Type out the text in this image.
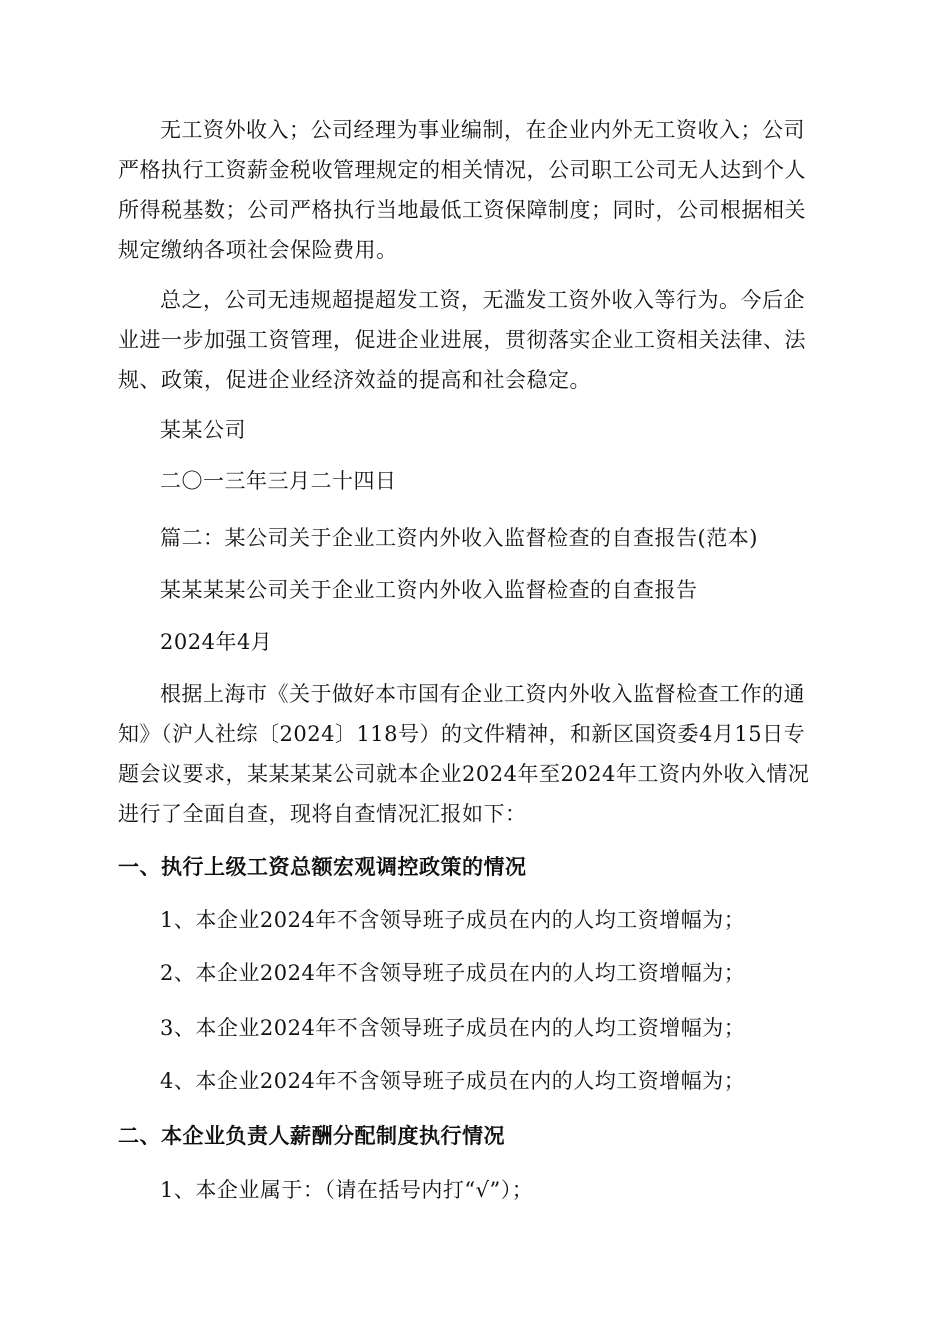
无工资外收入；公司经理为事业编制，在企业内外无工资收入；公司
严格执行工资薪金税收管理规定的相关情况，公司职工公司无人达到个人
所得税基数；公司严格执行当地最低工资保障制度；同时，公司根据相关
规定缴纳各项社会保险费用。
总之，公司无违规超提超发工资，无滥发工资外收入等行为。今后企
业进一步加强工资管理，促进企业进展，贯彻落实企业工资相关法律、法
规、政策，促进企业经济效益的提高和社会稳定。
某某公司
二〇一三年三月二十四日
篇二：某公司关于企业工资内外收入监督检查的自查报告(范本)
某某某某公司关于企业工资内外收入监督检查的自查报告
2024年4月
根据上海市《关于做好本市国有企业工资内外收入监督检查工作的通
知》（沪人社综〔2024〕118号）的文件精神，和新区国资委4月15日专
题会议要求，某某某某公司就本企业2024年至2024年工资内外收入情况
进行了全面自查，现将自查情况汇报如下：
一、执行上级工资总额宏观调控政策的情况
1、本企业2024年不含领导班子成员在内的人均工资增幅为；
2、本企业2024年不含领导班子成员在内的人均工资增幅为；
3、本企业2024年不含领导班子成员在内的人均工资增幅为；
4、本企业2024年不含领导班子成员在内的人均工资增幅为；
二、本企业负责人薪酬分配制度执行情况
1、本企业属于：（请在括号内打“√”）；
